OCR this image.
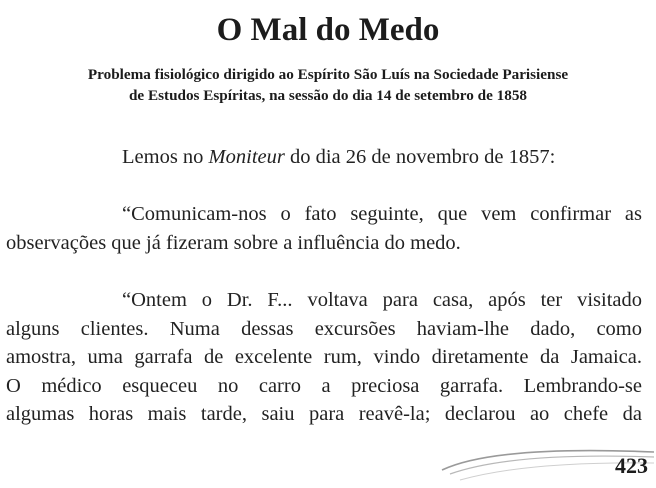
O Mal do Medo
Problema fisiológico dirigido ao Espírito São Luís na Sociedade Parisiense
de Estudos Espíritas, na sessão do dia 14 de setembro de 1858

Lemos no Moniteur do dia 26 de novembro de 1857:

“Comunicam-nos o fato seguinte, que vem confirmar as observações que já fizeram sobre a influência do medo.

“Ontem o Dr. F... voltava para casa, após ter visitado
alguns clientes. Numa dessas excursões haviam-lhe dado, como
amostra, uma garrafa de excelente rum, vindo diretamente da Jamaica.
O médico esqueceu no carro a preciosa garrafa. Lembrando-se
algumas horas mais tarde, saiu para reavê-la; declarou ao chefe da
423
